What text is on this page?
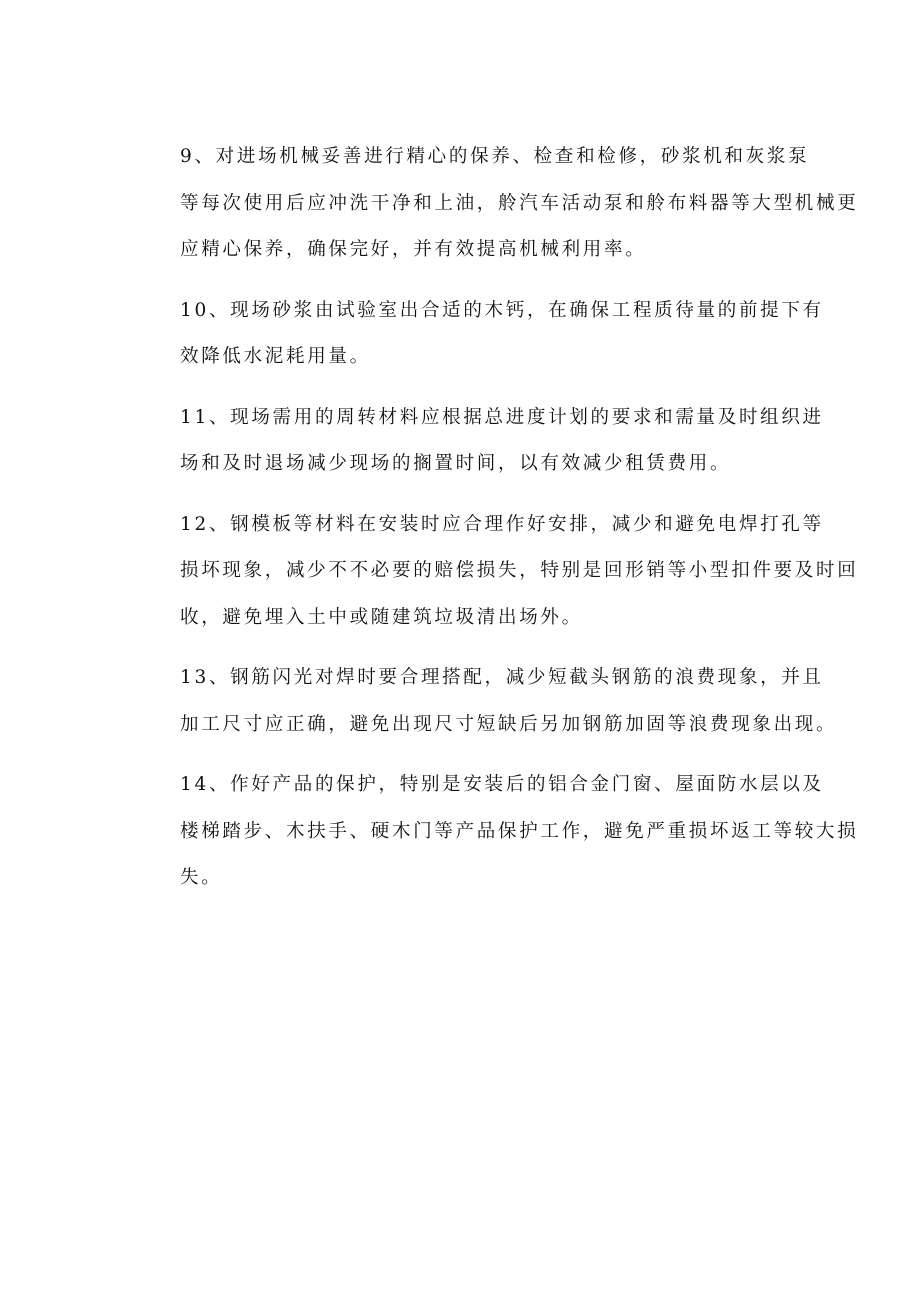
9、对进场机械妥善进行精心的保养、检查和检修，砂浆机和灰浆泵
等每次使用后应冲洗干净和上油，舲汽车活动泵和舲布料器等大型机械更
应精心保养，确保完好，并有效提高机械利用率。

10、现场砂浆由试验室出合适的木钙，在确保工程质待量的前提下有
效降低水泥耗用量。

11、现场需用的周转材料应根据总进度计划的要求和需量及时组织进
场和及时退场减少现场的搁置时间，以有效减少租赁费用。

12、钢模板等材料在安装时应合理作好安排，减少和避免电焊打孔等
损坏现象，减少不不必要的赔偿损失，特别是回形销等小型扣件要及时回
收，避免埋入土中或随建筑垃圾清出场外。

13、钢筋闪光对焊时要合理搭配，减少短截头钢筋的浪费现象，并且
加工尺寸应正确，避免出现尺寸短缺后另加钢筋加固等浪费现象出现。

14、作好产品的保护，特别是安装后的铝合金门窗、屋面防水层以及
楼梯踏步、木扶手、硬木门等产品保护工作，避免严重损坏返工等较大损
失。
